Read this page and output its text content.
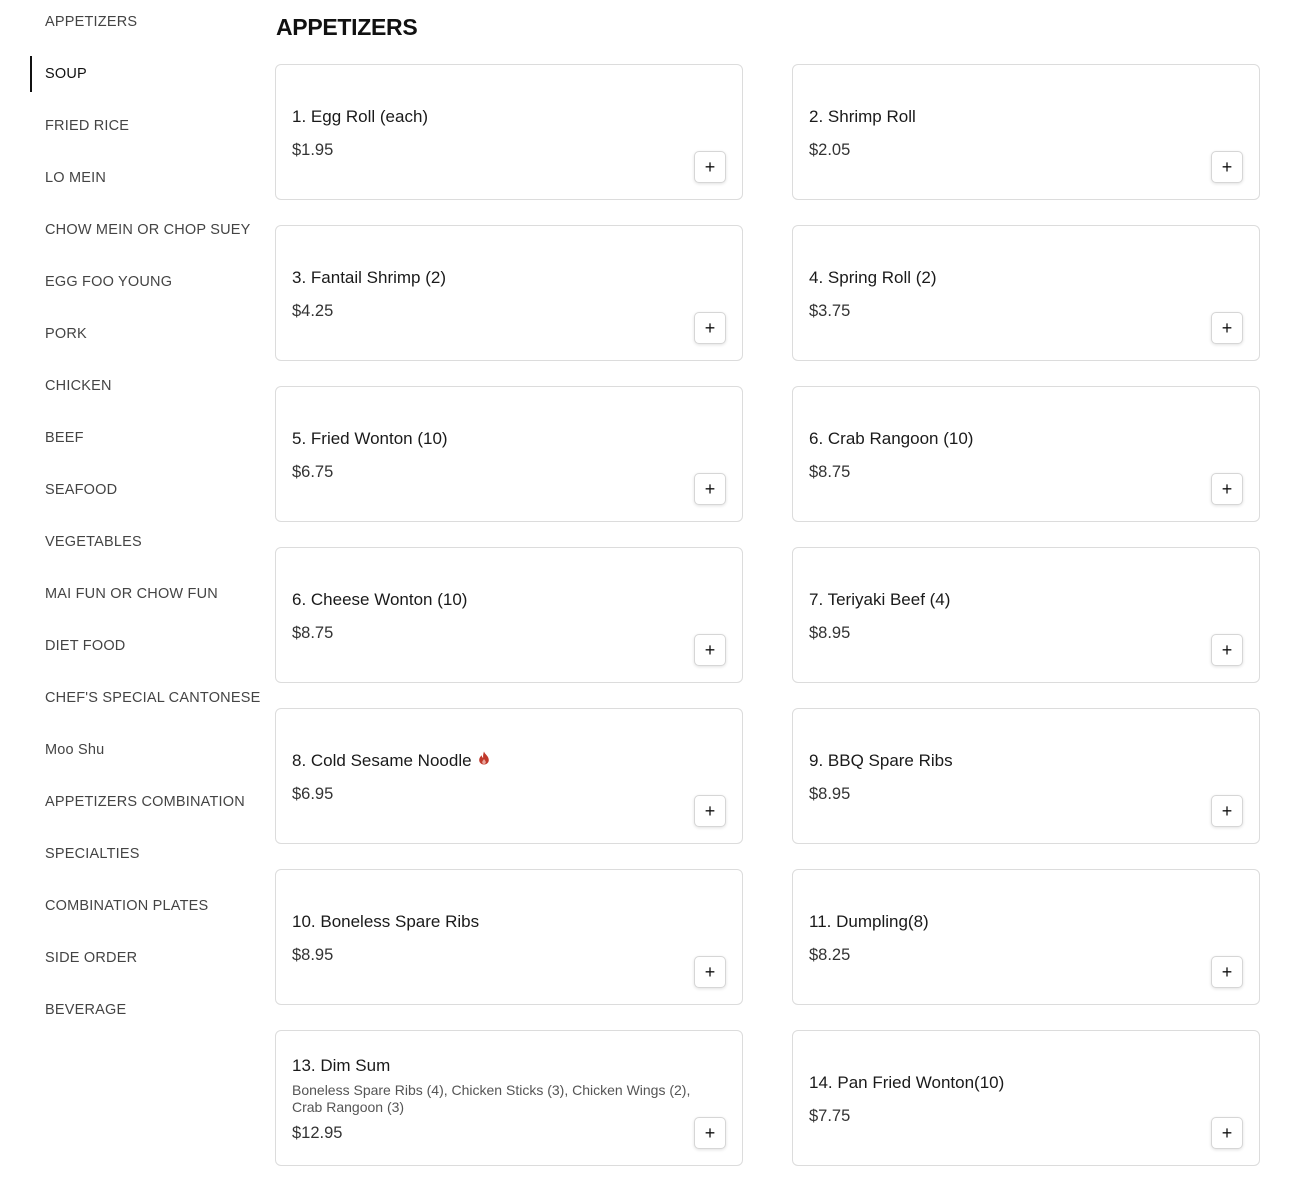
APPETIZERS
SOUP
FRIED RICE
LO MEIN
CHOW MEIN OR CHOP SUEY
EGG FOO YOUNG
PORK
CHICKEN
BEEF
SEAFOOD
VEGETABLES
MAI FUN OR CHOW FUN
DIET FOOD
CHEF'S SPECIAL CANTONESE
Moo Shu
APPETIZERS COMBINATION
SPECIALTIES
COMBINATION PLATES
SIDE ORDER
BEVERAGE
APPETIZERS
1. Egg Roll (each)
$1.95
+
2. Shrimp Roll
$2.05
+
3. Fantail Shrimp (2)
$4.25
+
4. Spring Roll (2)
$3.75
+
5. Fried Wonton (10)
$6.75
+
6. Crab Rangoon (10)
$8.75
+
6. Cheese Wonton (10)
$8.75
+
7. Teriyaki Beef (4)
$8.95
+
8. Cold Sesame Noodle
$6.95
+
9. BBQ Spare Ribs
$8.95
+
10. Boneless Spare Ribs
$8.95
+
11. Dumpling(8)
$8.25
+
13. Dim Sum
Boneless Spare Ribs (4), Chicken Sticks (3), Chicken Wings (2), Crab Rangoon (3)
$12.95	+
14. Pan Fried Wonton(10)
$7.75
+
